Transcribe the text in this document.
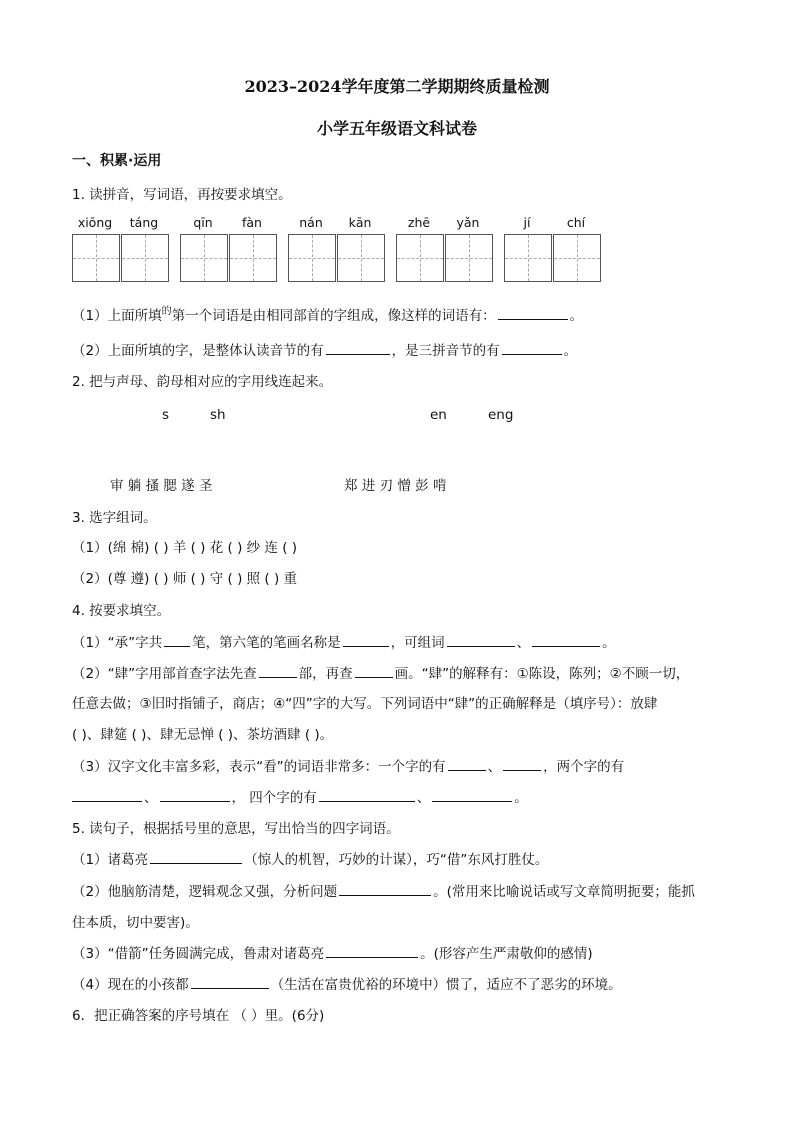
2023–2024学年度第二学期期终质量检测
小学五年级语文科试卷
一、积累·运用
1. 读拼音，写词语，再按要求填空。
xiōng	táng	qīn	fàn	nán	kān	zhē	yǎn	jí	chí
（1）上面所填$^的$第一个词语是由相同部首的字组成，像这样的词语有：	。
（2）上面所填的字，是整体认读音节的有	，是三拼音节的有	。
2. 把与声母、韵母相对应的字用线连起来。
s	sh	en	eng
审 躺 搔 腮 遂 圣	郑 进 刃 憎 彭 啃
3. 选字组词。
（1）(绵 棉) ( ) 羊 ( ) 花 ( ) 纱 连 ( )
（2）(尊 遵) ( ) 师 ( ) 守 ( ) 照 ( ) 重
4. 按要求填空。
（1）“承”字共 笔，第六笔的笔画名称是	，可组词	、	。
（2）“肆”字用部首查字法先查	部，再查	画。“肆”的解释有：①陈设，陈列；②不顾一切，
任意去做；③旧时指铺子，商店；④“四”字的大写。下列词语中“肆”的正确解释是（填序号）：放肆
( )、肆筵 ( )、肆无忌惮 ( )、茶坊酒肆 ( )。
（3）汉字文化丰富多彩，表示“看”的词语非常多：一个字的有	、	，两个字的有
、	， 四个字的有	、	。
5. 读句子，根据括号里的意思，写出恰当的四字词语。
（1）诸葛亮	（惊人的机智，巧妙的计谋），巧“借”东风打胜仗。
（2）他脑筋清楚，逻辑观念又强，分析问题	。(常用来比喻说话或写文章简明扼要；能抓
住本质，切中要害)。
（3）“借箭”任务圆满完成，鲁肃对诸葛亮	。(形容产生严肃敬仰的感情)
（4）现在的小孩都	（生活在富贵优裕的环境中）惯了，适应不了恶劣的环境。
6．把正确答案的序号填在 （ ）里。(6分)
